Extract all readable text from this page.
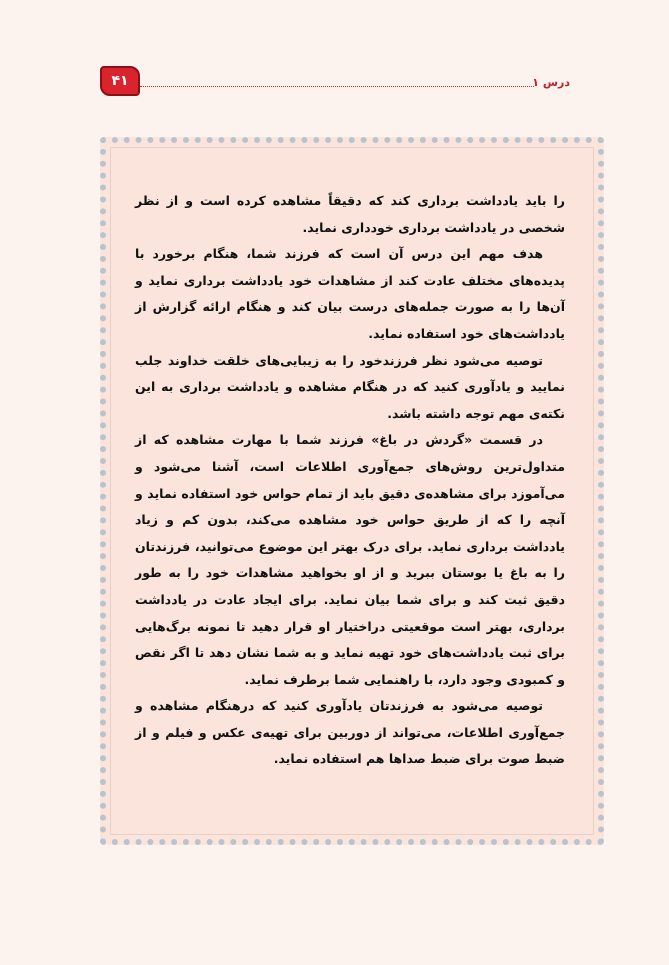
۴۱	درس ۱

را باید یادداشت برداری کند که دقیقاً مشاهده کرده است و از نظر شخصی در یادداشت برداری خودداری نماید.

هدف مهم این درس آن است که فرزند شما، هنگام برخورد با پدیده‌های مختلف عادت کند از مشاهدات خود یادداشت برداری نماید و آن‌ها را به صورت جمله‌های درست بیان کند و هنگام ارائه گزارش از یادداشت‌های خود استفاده نماید.

توصیه می‌شود نظر فرزندخود را به زیبایی‌های خلقت خداوند جلب نمایید و یادآوری کنید که در هنگام مشاهده و یادداشت برداری به این نکته‌ی مهم توجه داشته باشد.

در قسمت «گردش در باغ» فرزند شما با مهارت مشاهده که از متداول‌ترین روش‌های جمع‌آوری اطلاعات است، آشنا می‌شود و می‌آموزد برای مشاهده‌ی دقیق باید از تمام حواس خود استفاده نماید و آنچه را که از طریق حواس خود مشاهده می‌کند، بدون کم و زیاد یادداشت برداری نماید. برای درک بهتر این موضوع می‌توانید، فرزندتان را به باغ یا بوستان ببرید و از او بخواهید مشاهدات خود را به طور دقیق ثبت کند و برای شما بیان نماید. برای ایجاد عادت در یادداشت برداری، بهتر است موقعیتی دراختیار او قرار دهید تا نمونه برگ‌هایی برای ثبت یادداشت‌های خود تهیه نماید و به شما نشان دهد تا اگر نقص و کمبودی وجود دارد، با راهنمایی شما برطرف نماید.

توصیه می‌شود به فرزندتان یادآوری کنید که درهنگام مشاهده و جمع‌آوری اطلاعات، می‌تواند از دوربین برای تهیه‌ی عکس و فیلم و از ضبط صوت برای ضبط صداها هم استفاده نماید.
